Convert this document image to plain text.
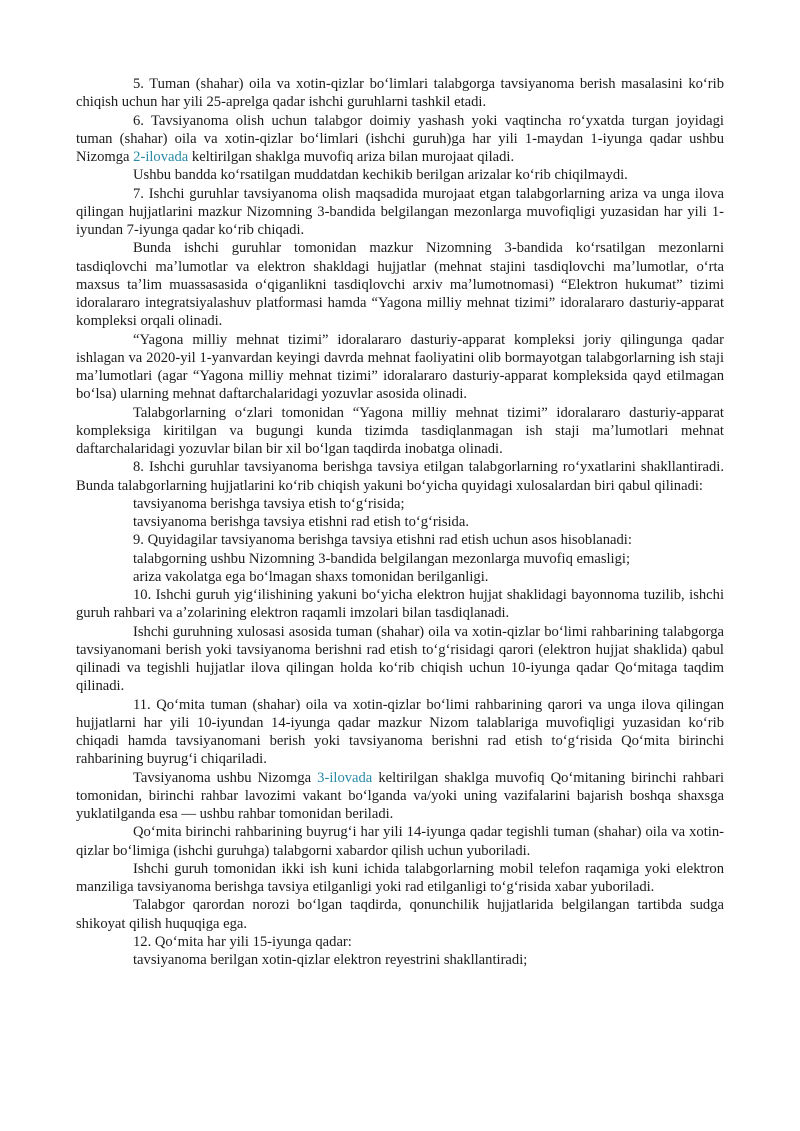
5. Tuman (shahar) oila va xotin-qizlar boʻlimlari talabgorga tavsiyanoma berish masalasini koʻrib chiqish uchun har yili 25-aprelga qadar ishchi guruhlarni tashkil etadi.

6. Tavsiyanoma olish uchun talabgor doimiy yashash yoki vaqtincha roʻyxatda turgan joyidagi tuman (shahar) oila va xotin-qizlar boʻlimlari (ishchi guruh)ga har yili 1-maydan 1-iyunga qadar ushbu Nizomga 2-ilovada keltirilgan shaklga muvofiq ariza bilan murojaat qiladi.

Ushbu bandda koʻrsatilgan muddatdan kechikib berilgan arizalar koʻrib chiqilmaydi.

7. Ishchi guruhlar tavsiyanoma olish maqsadida murojaat etgan talabgorlarning ariza va unga ilova qilingan hujjatlarini mazkur Nizomning 3-bandida belgilangan mezonlarga muvofiqligi yuzasidan har yili 1-iyundan 7-iyunga qadar koʻrib chiqadi.

Bunda ishchi guruhlar tomonidan mazkur Nizomning 3-bandida koʻrsatilgan mezonlarni tasdiqlovchi maʼlumotlar va elektron shakldagi hujjatlar (mehnat stajini tasdiqlovchi maʼlumotlar, oʻrta maxsus taʼlim muassasasida oʻqiganlikni tasdiqlovchi arxiv maʼlumotnomasi) “Elektron hukumat” tizimi idoralararo integratsiyalashuv platformasi hamda “Yagona milliy mehnat tizimi” idoralararo dasturiy-apparat kompleksi orqali olinadi.

“Yagona milliy mehnat tizimi” idoralararo dasturiy-apparat kompleksi joriy qilingunga qadar ishlagan va 2020-yil 1-yanvardan keyingi davrda mehnat faoliyatini olib bormayotgan talabgorlarning ish staji maʼlumotlari (agar “Yagona milliy mehnat tizimi” idoralararo dasturiy-apparat kompleksida qayd etilmagan boʻlsa) ularning mehnat daftarchalaridagi yozuvlar asosida olinadi.

Talabgorlarning oʻzlari tomonidan “Yagona milliy mehnat tizimi” idoralararo dasturiy-apparat kompleksiga kiritilgan va bugungi kunda tizimda tasdiqlanmagan ish staji maʼlumotlari mehnat daftarchalaridagi yozuvlar bilan bir xil boʻlgan taqdirda inobatga olinadi.

8. Ishchi guruhlar tavsiyanoma berishga tavsiya etilgan talabgorlarning roʻyxatlarini shakllantiradi. Bunda talabgorlarning hujjatlarini koʻrib chiqish yakuni boʻyicha quyidagi xulosalardan biri qabul qilinadi:

tavsiyanoma berishga tavsiya etish toʻgʻrisida;

tavsiyanoma berishga tavsiya etishni rad etish toʻgʻrisida.

9. Quyidagilar tavsiyanoma berishga tavsiya etishni rad etish uchun asos hisoblanadi:

talabgorning ushbu Nizomning 3-bandida belgilangan mezonlarga muvofiq emasligi;

ariza vakolatga ega boʻlmagan shaxs tomonidan berilganligi.

10. Ishchi guruh yigʻilishining yakuni boʻyicha elektron hujjat shaklidagi bayonnoma tuzilib, ishchi guruh rahbari va aʼzolarining elektron raqamli imzolari bilan tasdiqlanadi.

Ishchi guruhning xulosasi asosida tuman (shahar) oila va xotin-qizlar boʻlimi rahbarining talabgorga tavsiyanomani berish yoki tavsiyanoma berishni rad etish toʻgʻrisidagi qarori (elektron hujjat shaklida) qabul qilinadi va tegishli hujjatlar ilova qilingan holda koʻrib chiqish uchun 10-iyunga qadar Qoʻmitaga taqdim qilinadi.

11. Qoʻmita tuman (shahar) oila va xotin-qizlar boʻlimi rahbarining qarori va unga ilova qilingan hujjatlarni har yili 10-iyundan 14-iyunga qadar mazkur Nizom talablariga muvofiqligi yuzasidan koʻrib chiqadi hamda tavsiyanomani berish yoki tavsiyanoma berishni rad etish toʻgʻrisida Qoʻmita birinchi rahbarining buyrugʻi chiqariladi.

Tavsiyanoma ushbu Nizomga 3-ilovada keltirilgan shaklga muvofiq Qoʻmitaning birinchi rahbari tomonidan, birinchi rahbar lavozimi vakant boʻlganda va/yoki uning vazifalarini bajarish boshqa shaxsga yuklatilganda esa — ushbu rahbar tomonidan beriladi.

Qoʻmita birinchi rahbarining buyrugʻi har yili 14-iyunga qadar tegishli tuman (shahar) oila va xotin-qizlar boʻlimiga (ishchi guruhga) talabgorni xabardor qilish uchun yuboriladi.

Ishchi guruh tomonidan ikki ish kuni ichida talabgorlarning mobil telefon raqamiga yoki elektron manziliga tavsiyanoma berishga tavsiya etilganligi yoki rad etilganligi toʻgʻrisida xabar yuboriladi.

Talabgor qarordan norozi boʻlgan taqdirda, qonunchilik hujjatlarida belgilangan tartibda sudga shikoyat qilish huquqiga ega.

12. Qoʻmita har yili 15-iyunga qadar:

tavsiyanoma berilgan xotin-qizlar elektron reyestrini shakllantiradi;
